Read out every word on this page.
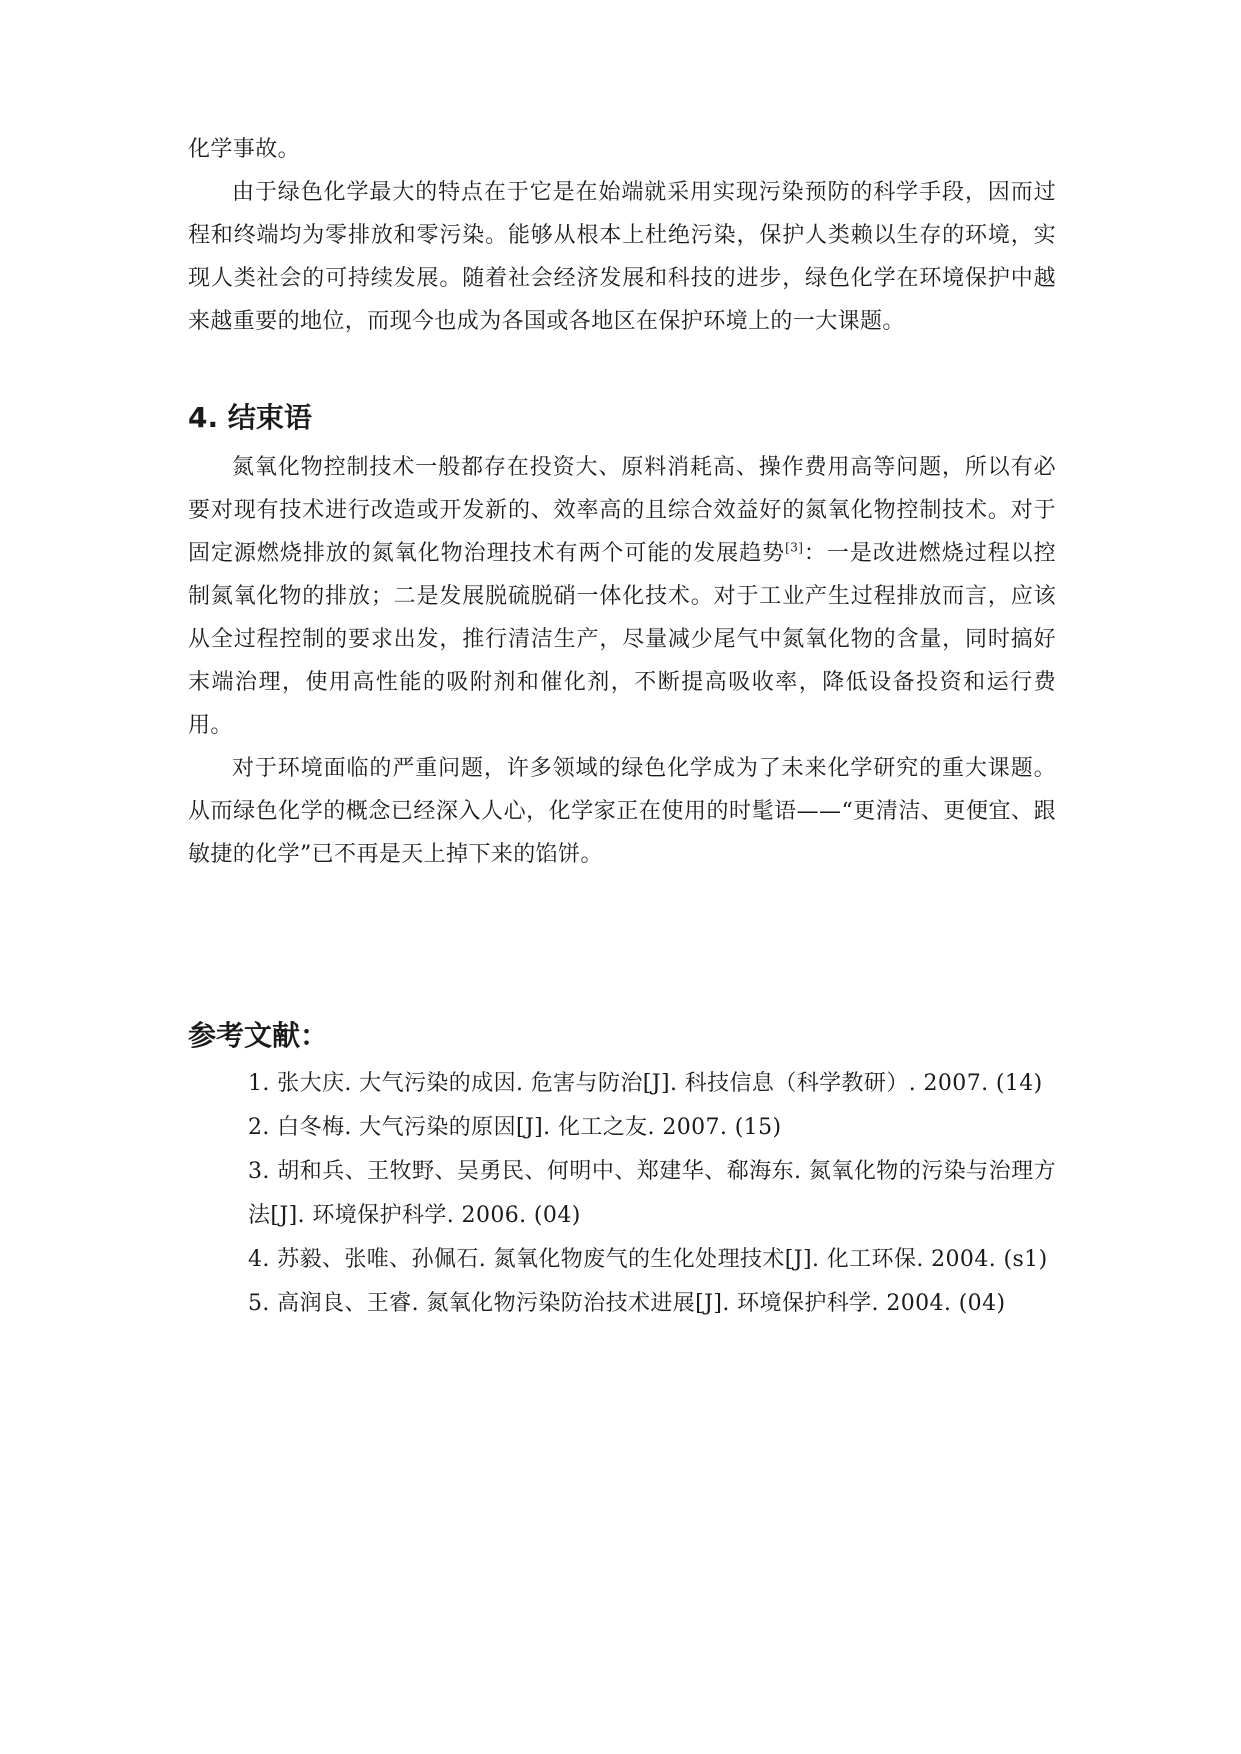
化学事故。

由于绿色化学最大的特点在于它是在始端就采用实现污染预防的科学手段，因而过程和终端均为零排放和零污染。能够从根本上杜绝污染，保护人类赖以生存的环境，实现人类社会的可持续发展。随着社会经济发展和科技的进步，绿色化学在环境保护中越来越重要的地位，而现今也成为各国或各地区在保护环境上的一大课题。

4. 结束语

氮氧化物控制技术一般都存在投资大、原料消耗高、操作费用高等问题，所以有必要对现有技术进行改造或开发新的、效率高的且综合效益好的氮氧化物控制技术。对于固定源燃烧排放的氮氧化物治理技术有两个可能的发展趋势[3]：一是改进燃烧过程以控制氮氧化物的排放；二是发展脱硫脱硝一体化技术。对于工业产生过程排放而言，应该从全过程控制的要求出发，推行清洁生产，尽量减少尾气中氮氧化物的含量，同时搞好末端治理，使用高性能的吸附剂和催化剂，不断提高吸收率，降低设备投资和运行费用。

对于环境面临的严重问题，许多领域的绿色化学成为了未来化学研究的重大课题。从而绿色化学的概念已经深入人心，化学家正在使用的时髦语——“更清洁、更便宜、跟敏捷的化学”已不再是天上掉下来的馅饼。

参考文献：

1. 张大庆. 大气污染的成因. 危害与防治[J]. 科技信息（科学教研）. 2007. (14)

2. 白冬梅. 大气污染的原因[J]. 化工之友. 2007. (15)

3. 胡和兵、王牧野、吴勇民、何明中、郑建华、郗海东. 氮氧化物的污染与治理方法[J]. 环境保护科学. 2006. (04)

4. 苏毅、张唯、孙佩石. 氮氧化物废气的生化处理技术[J]. 化工环保. 2004. (s1)

5. 高润良、王睿. 氮氧化物污染防治技术进展[J]. 环境保护科学. 2004. (04)
